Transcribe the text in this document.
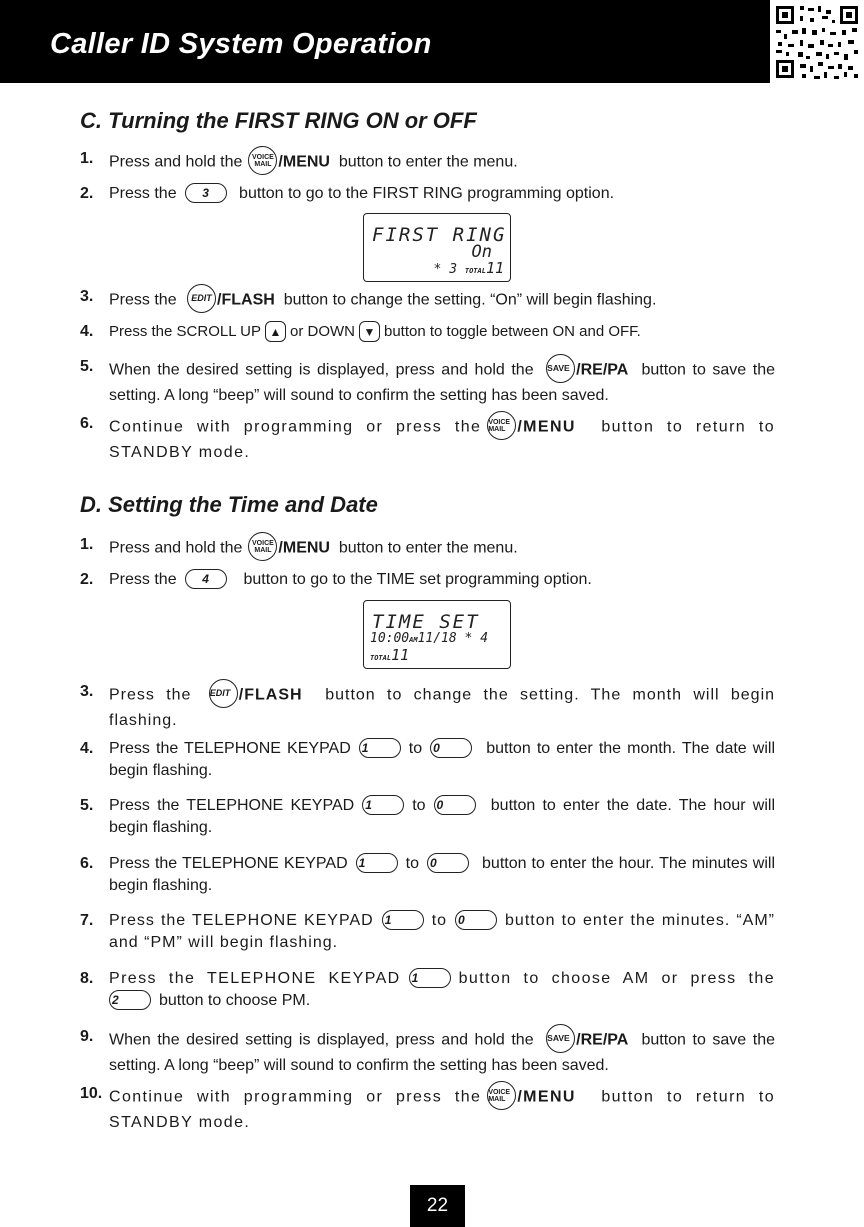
Caller ID System Operation
C. Turning the FIRST RING ON or OFF
1. Press and hold the VOICE
MAIL /MENU button to enter the menu.
2. Press the 3 button to go to the FIRST RING programming option.
FIRST RING
On
* 3 TOTAL11
3. Press the EDIT /FLASH button to change the setting. “On” will begin flashing.
4. Press the SCROLL UP ▲ or DOWN ▼ button to toggle between ON and OFF.
5. When the desired setting is displayed, press and hold the SAVE /RE/PA button to save the setting. A long “beep” will sound to confirm the setting has been saved.
6. Continue with programming or press the VOICE
MAIL /MENU button to return to STANDBY mode.
D. Setting the Time and Date
1. Press and hold the VOICE
MAIL /MENU button to enter the menu.
2. Press the 4 button to go to the TIME set programming option.
TIME SET
10:00AM11/18 * 4 TOTAL11
3. Press the EDIT /FLASH button to change the setting. The month will begin flashing.
4. Press the TELEPHONE KEYPAD 1	to 0	button to enter the month. The date will begin flashing.
5. Press the TELEPHONE KEYPAD 1	to 0	button to enter the date. The hour will begin flashing.
6. Press the TELEPHONE KEYPAD 1	to 0	button to enter the hour. The minutes will begin flashing.
7. Press the TELEPHONE KEYPAD 1 to 0 button to enter the minutes. “AM” and “PM” will begin flashing.
8. Press the TELEPHONE KEYPAD 1	button to choose AM or press the 2	button to choose PM.
9. When the desired setting is displayed, press and hold the SAVE /RE/PA button to save the setting. A long “beep” will sound to confirm the setting has been saved.
10. Continue with programming or press the VOICE
MAIL /MENU button to return to STANDBY mode.
22
